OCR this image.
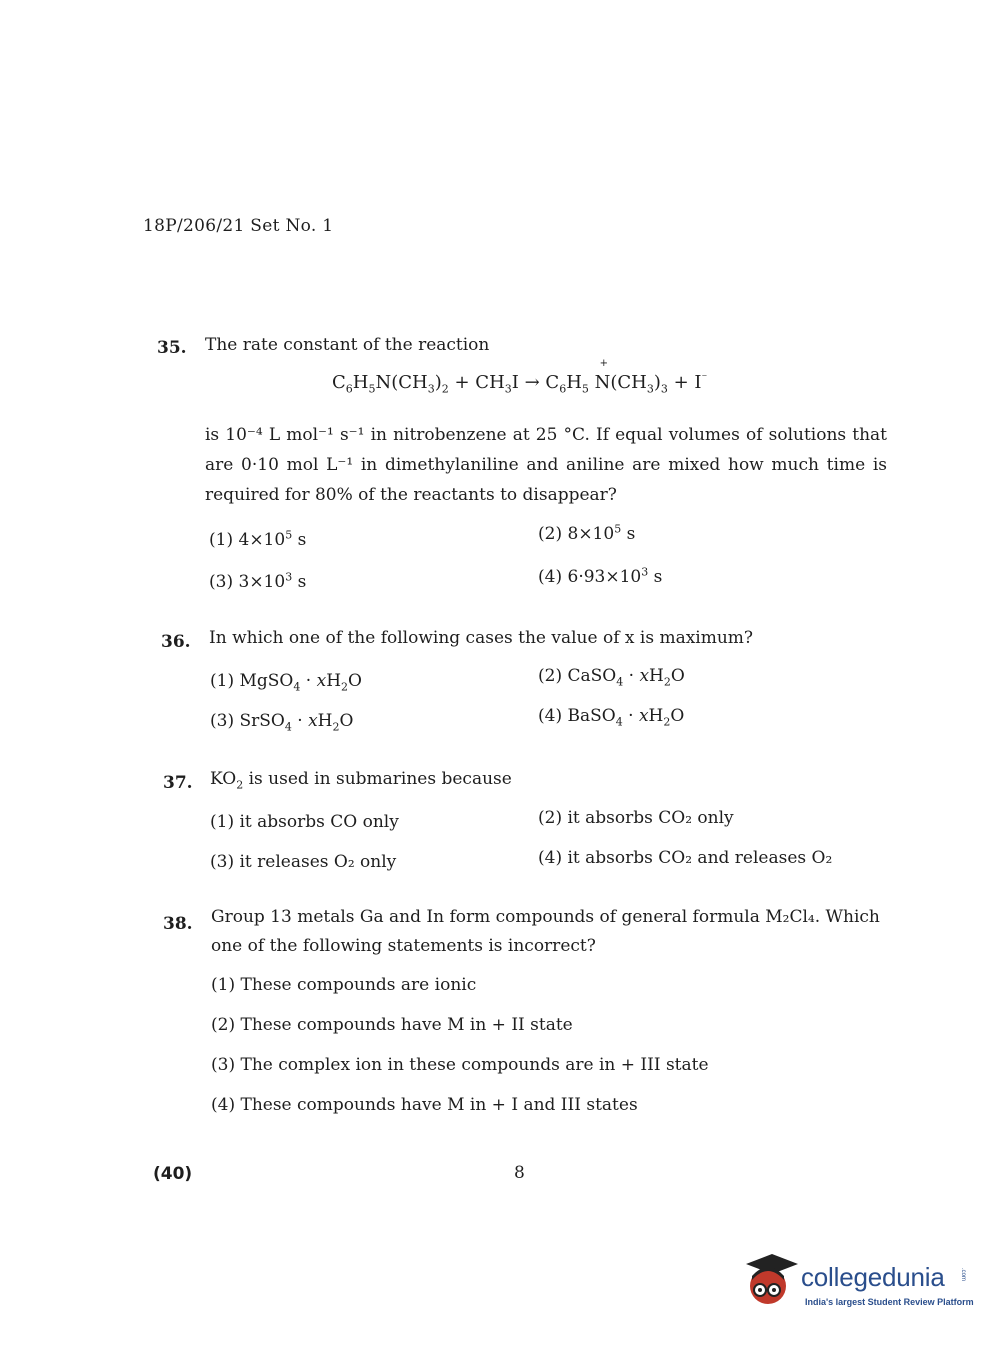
18P/206/21 Set No. 1
35. The rate constant of the reaction
$C_6H_5N(CH_3)_2 + CH_3I \to C_6H_5$ N
+
$(CH_3)_3 + I^{^-}$
is 10⁻⁴ L mol⁻¹ s⁻¹ in nitrobenzene at 25 °C. If equal volumes of solutions that are 0·10 mol L⁻¹ in dimethylaniline and aniline are mixed how much time is required for 80% of the reactants to disappear?
(1) $4\times 10^5$ s	(2) $8\times 10^5$ s
(3) $3\times 10^3$ s	(4) $6\cdot 93\times 10^3$ s
36. In which one of the following cases the value of x is maximum?
(1) MgSO$_4$ · $xH_2O$	(2) CaSO$_4$ · $xH_2O$
(3) SrSO$_4$ · $xH_2O$	(4) BaSO$_4$ · $xH_2O$
37. $KO_2$ is used in submarines because
(1) it absorbs CO only	(2) it absorbs CO₂ only
(3) it releases O₂ only	(4) it absorbs CO₂ and releases O₂
38. Group 13 metals Ga and In form compounds of general formula M₂Cl₄. Which one of the following statements is incorrect?
(1) These compounds are ionic
(2) These compounds have M in + II state
(3) The complex ion in these compounds are in + III state
(4) These compounds have M in + I and III states
(40)	8
collegedunia	.com
India's largest Student Review Platform
